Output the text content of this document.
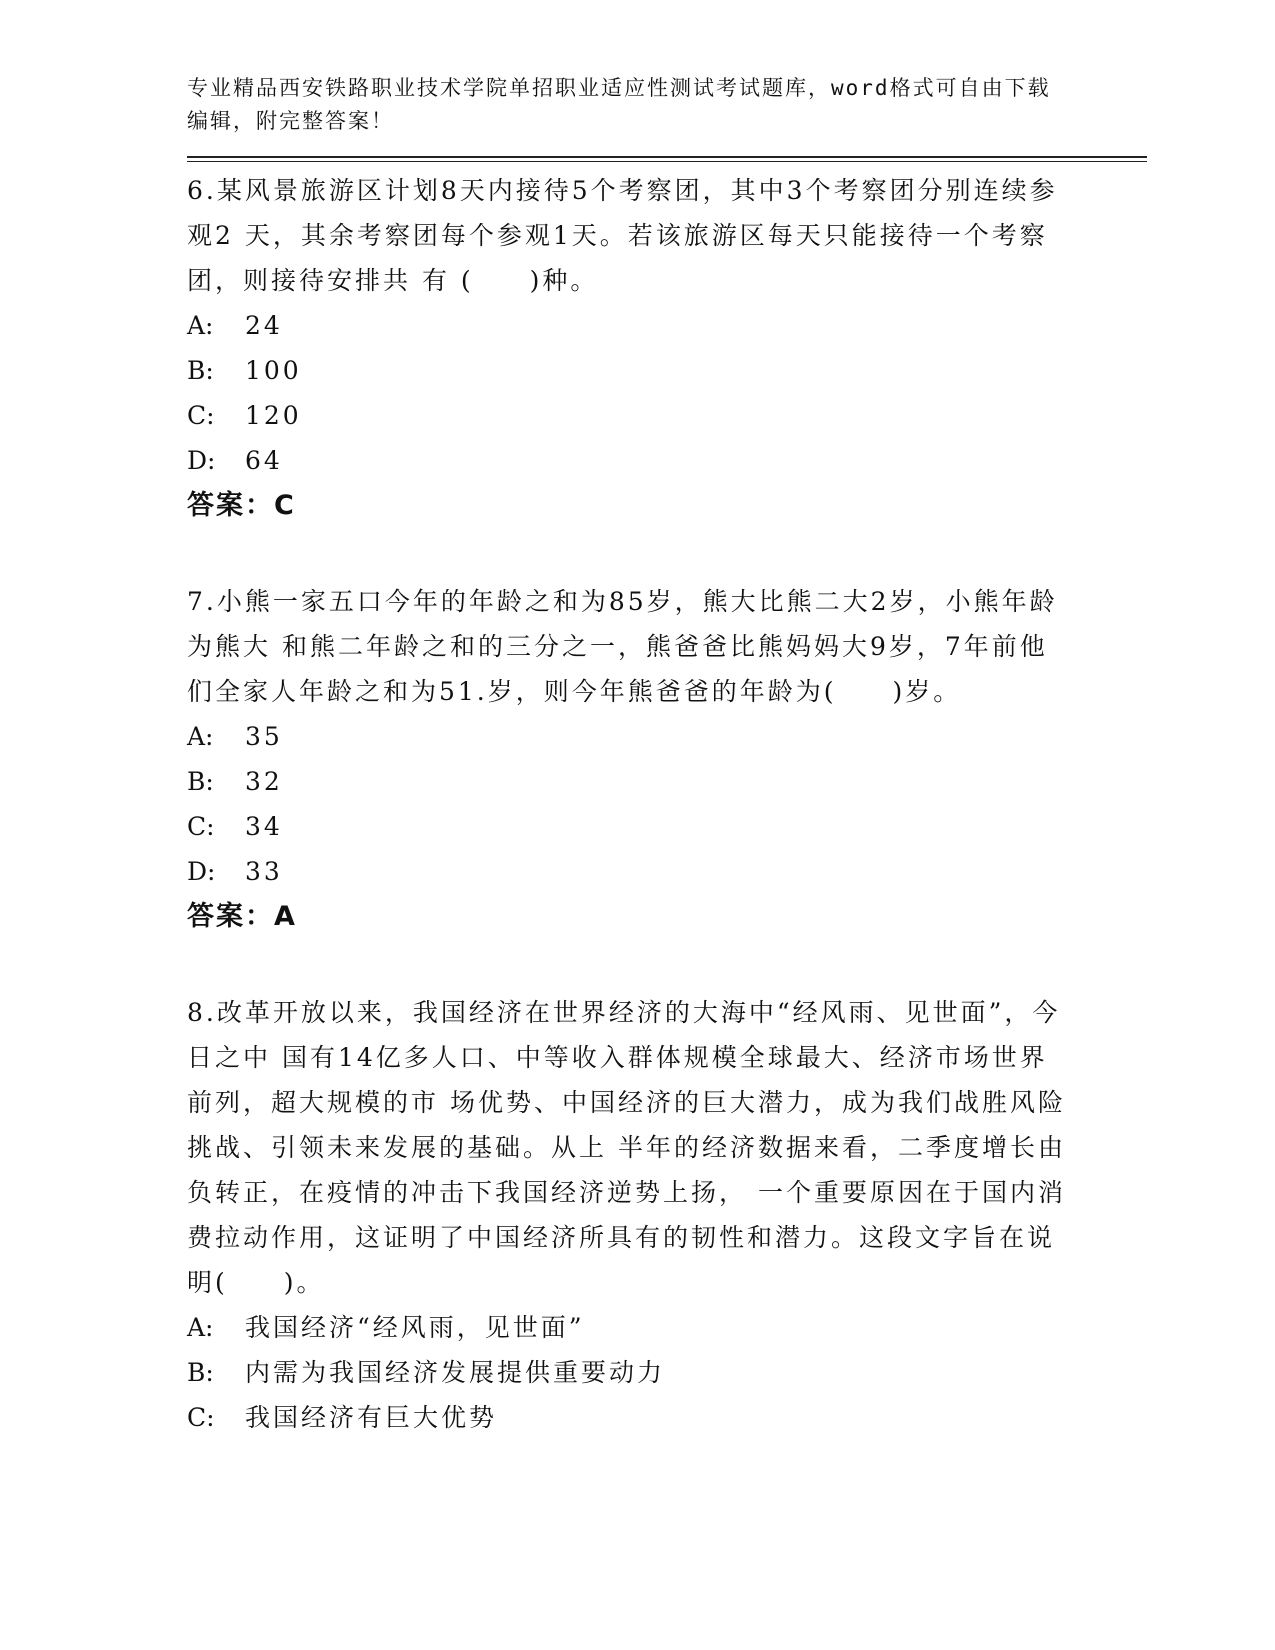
专业精品西安铁路职业技术学院单招职业适应性测试考试题库，word格式可自由下载编辑，附完整答案！

6.某风景旅游区计划8天内接待5个考察团，其中3个考察团分别连续参观2 天，其余考察团每个参观1天。若该旅游区每天只能接待一个考察团，则接待安排共 有 (　　)种。

A:	24
B:	100
C:	120
D:	64

答案：C

7.小熊一家五口今年的年龄之和为85岁，熊大比熊二大2岁，小熊年龄为熊大 和熊二年龄之和的三分之一，熊爸爸比熊妈妈大9岁，7年前他们全家人年龄之和为51.岁，则今年熊爸爸的年龄为(　　)岁。

A:	35
B:	32
C:	34
D:	33

答案：A

8.改革开放以来，我国经济在世界经济的大海中“经风雨、见世面”，今日之中 国有14亿多人口、中等收入群体规模全球最大、经济市场世界前列，超大规模的市 场优势、中国经济的巨大潜力，成为我们战胜风险挑战、引领未来发展的基础。从上 半年的经济数据来看，二季度增长由负转正，在疫情的冲击下我国经济逆势上扬， 一个重要原因在于国内消费拉动作用，这证明了中国经济所具有的韧性和潜力。这段文字旨在说明(　　)。

A:	我国经济“经风雨，见世面”
B:	内需为我国经济发展提供重要动力
C:	我国经济有巨大优势
